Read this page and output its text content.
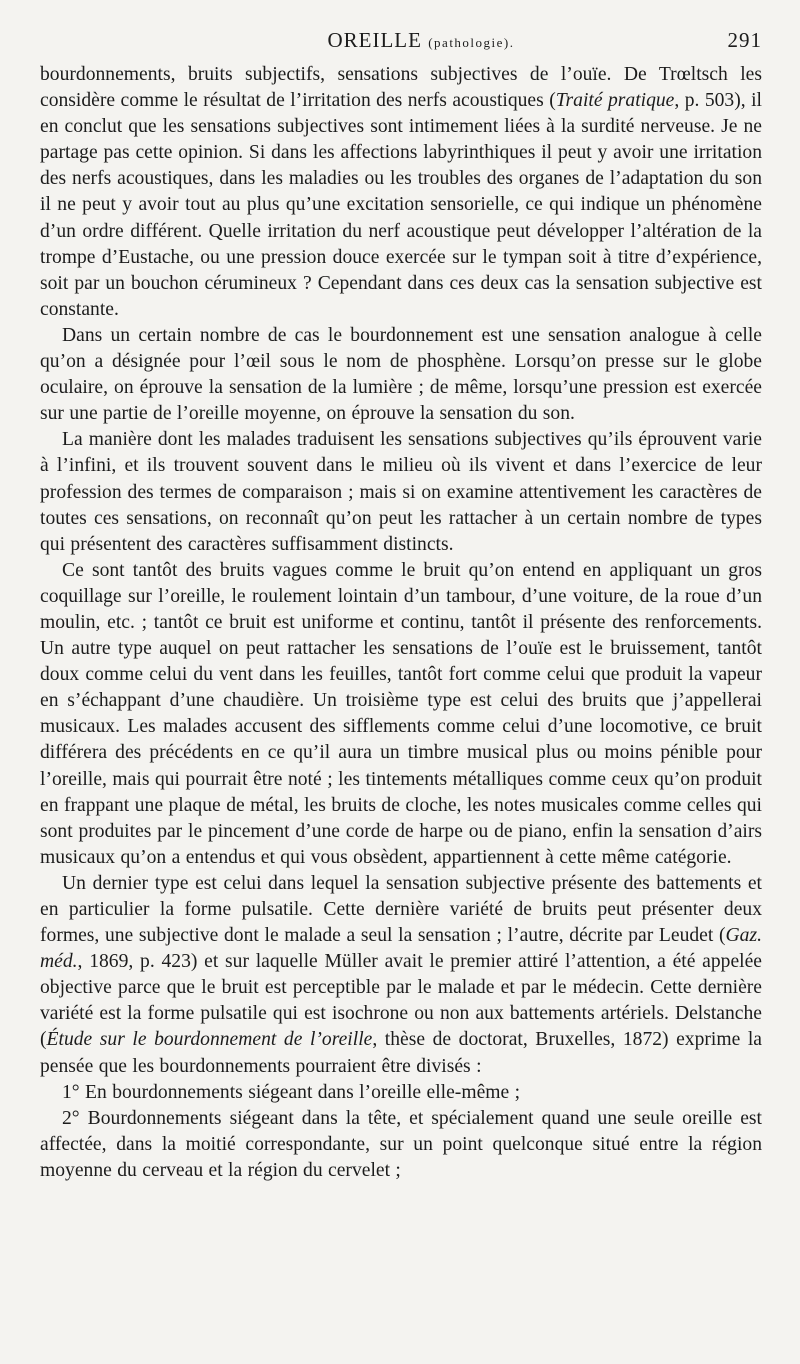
OREILLE (pathologie).	291

bourdonnements, bruits subjectifs, sensations subjectives de l’ouïe. De Trœltsch les considère comme le résultat de l’irritation des nerfs acoustiques (Traité pratique, p. 503), il en conclut que les sensations subjectives sont intimement liées à la surdité nerveuse. Je ne partage pas cette opinion. Si dans les affections labyrinthiques il peut y avoir une irritation des nerfs acoustiques, dans les maladies ou les troubles des organes de l’adaptation du son il ne peut y avoir tout au plus qu’une excitation sensorielle, ce qui indique un phénomène d’un ordre différent. Quelle irritation du nerf acoustique peut développer l’altération de la trompe d’Eustache, ou une pression douce exercée sur le tympan soit à titre d’expérience, soit par un bouchon cérumineux ? Cependant dans ces deux cas la sensation subjective est constante.

Dans un certain nombre de cas le bourdonnement est une sensation analogue à celle qu’on a désignée pour l’œil sous le nom de phosphène. Lorsqu’on presse sur le globe oculaire, on éprouve la sensation de la lumière ; de même, lorsqu’une pression est exercée sur une partie de l’oreille moyenne, on éprouve la sensation du son.

La manière dont les malades traduisent les sensations subjectives qu’ils éprouvent varie à l’infini, et ils trouvent souvent dans le milieu où ils vivent et dans l’exercice de leur profession des termes de comparaison ; mais si on examine attentivement les caractères de toutes ces sensations, on reconnaît qu’on peut les rattacher à un certain nombre de types qui présentent des caractères suffisamment distincts.

Ce sont tantôt des bruits vagues comme le bruit qu’on entend en appliquant un gros coquillage sur l’oreille, le roulement lointain d’un tambour, d’une voiture, de la roue d’un moulin, etc. ; tantôt ce bruit est uniforme et continu, tantôt il présente des renforcements. Un autre type auquel on peut rattacher les sensations de l’ouïe est le bruissement, tantôt doux comme celui du vent dans les feuilles, tantôt fort comme celui que produit la vapeur en s’échappant d’une chaudière. Un troisième type est celui des bruits que j’appellerai musicaux. Les malades accusent des sifflements comme celui d’une locomotive, ce bruit différera des précédents en ce qu’il aura un timbre musical plus ou moins pénible pour l’oreille, mais qui pourrait être noté ; les tintements métalliques comme ceux qu’on produit en frappant une plaque de métal, les bruits de cloche, les notes musicales comme celles qui sont produites par le pincement d’une corde de harpe ou de piano, enfin la sensation d’airs musicaux qu’on a entendus et qui vous obsèdent, appartiennent à cette même catégorie.

Un dernier type est celui dans lequel la sensation subjective présente des battements et en particulier la forme pulsatile. Cette dernière variété de bruits peut présenter deux formes, une subjective dont le malade a seul la sensation ; l’autre, décrite par Leudet (Gaz. méd., 1869, p. 423) et sur laquelle Müller avait le premier attiré l’attention, a été appelée objective parce que le bruit est perceptible par le malade et par le médecin. Cette dernière variété est la forme pulsatile qui est isochrone ou non aux battements artériels. Delstanche (Étude sur le bourdonnement de l’oreille, thèse de doctorat, Bruxelles, 1872) exprime la pensée que les bourdonnements pourraient être divisés :

1° En bourdonnements siégeant dans l’oreille elle-même ;

2° Bourdonnements siégeant dans la tête, et spécialement quand une seule oreille est affectée, dans la moitié correspondante, sur un point quelconque situé entre la région moyenne du cerveau et la région du cervelet ;
